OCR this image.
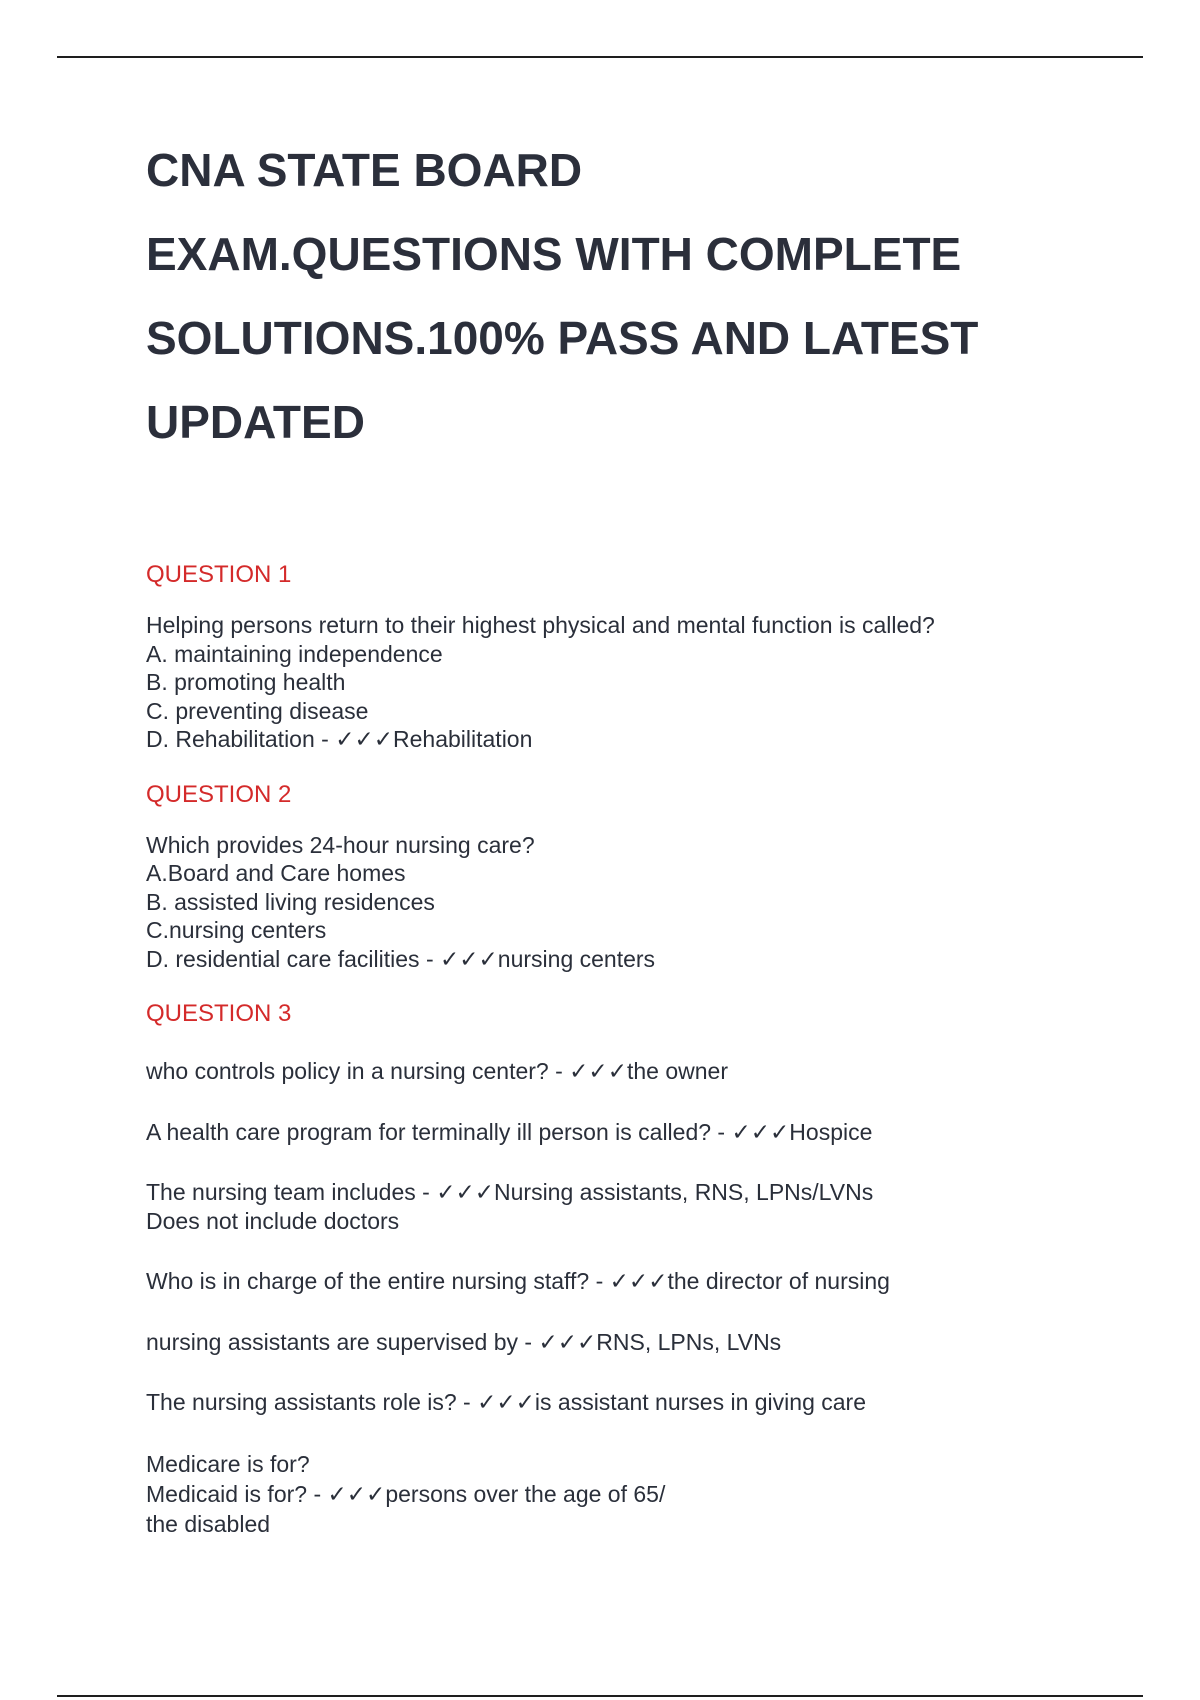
CNA STATE BOARD
EXAM.QUESTIONS WITH COMPLETE
SOLUTIONS.100% PASS AND LATEST
UPDATED
QUESTION 1
Helping persons return to their highest physical and mental function is called?
A. maintaining independence
B. promoting health
C. preventing disease
D. Rehabilitation - ✓✓✓Rehabilitation
QUESTION 2
Which provides 24-hour nursing care?
A.Board and Care homes
B. assisted living residences
C.nursing centers
D. residential care facilities - ✓✓✓nursing centers
QUESTION 3
who controls policy in a nursing center? - ✓✓✓the owner
A health care program for terminally ill person is called? - ✓✓✓Hospice
The nursing team includes - ✓✓✓Nursing assistants, RNS, LPNs/LVNs
Does not include doctors
Who is in charge of the entire nursing staff? - ✓✓✓the director of nursing
nursing assistants are supervised by - ✓✓✓RNS, LPNs, LVNs
The nursing assistants role is? - ✓✓✓is assistant nurses in giving care
Medicare is for?
Medicaid is for? - ✓✓✓persons over the age of 65/
the disabled
